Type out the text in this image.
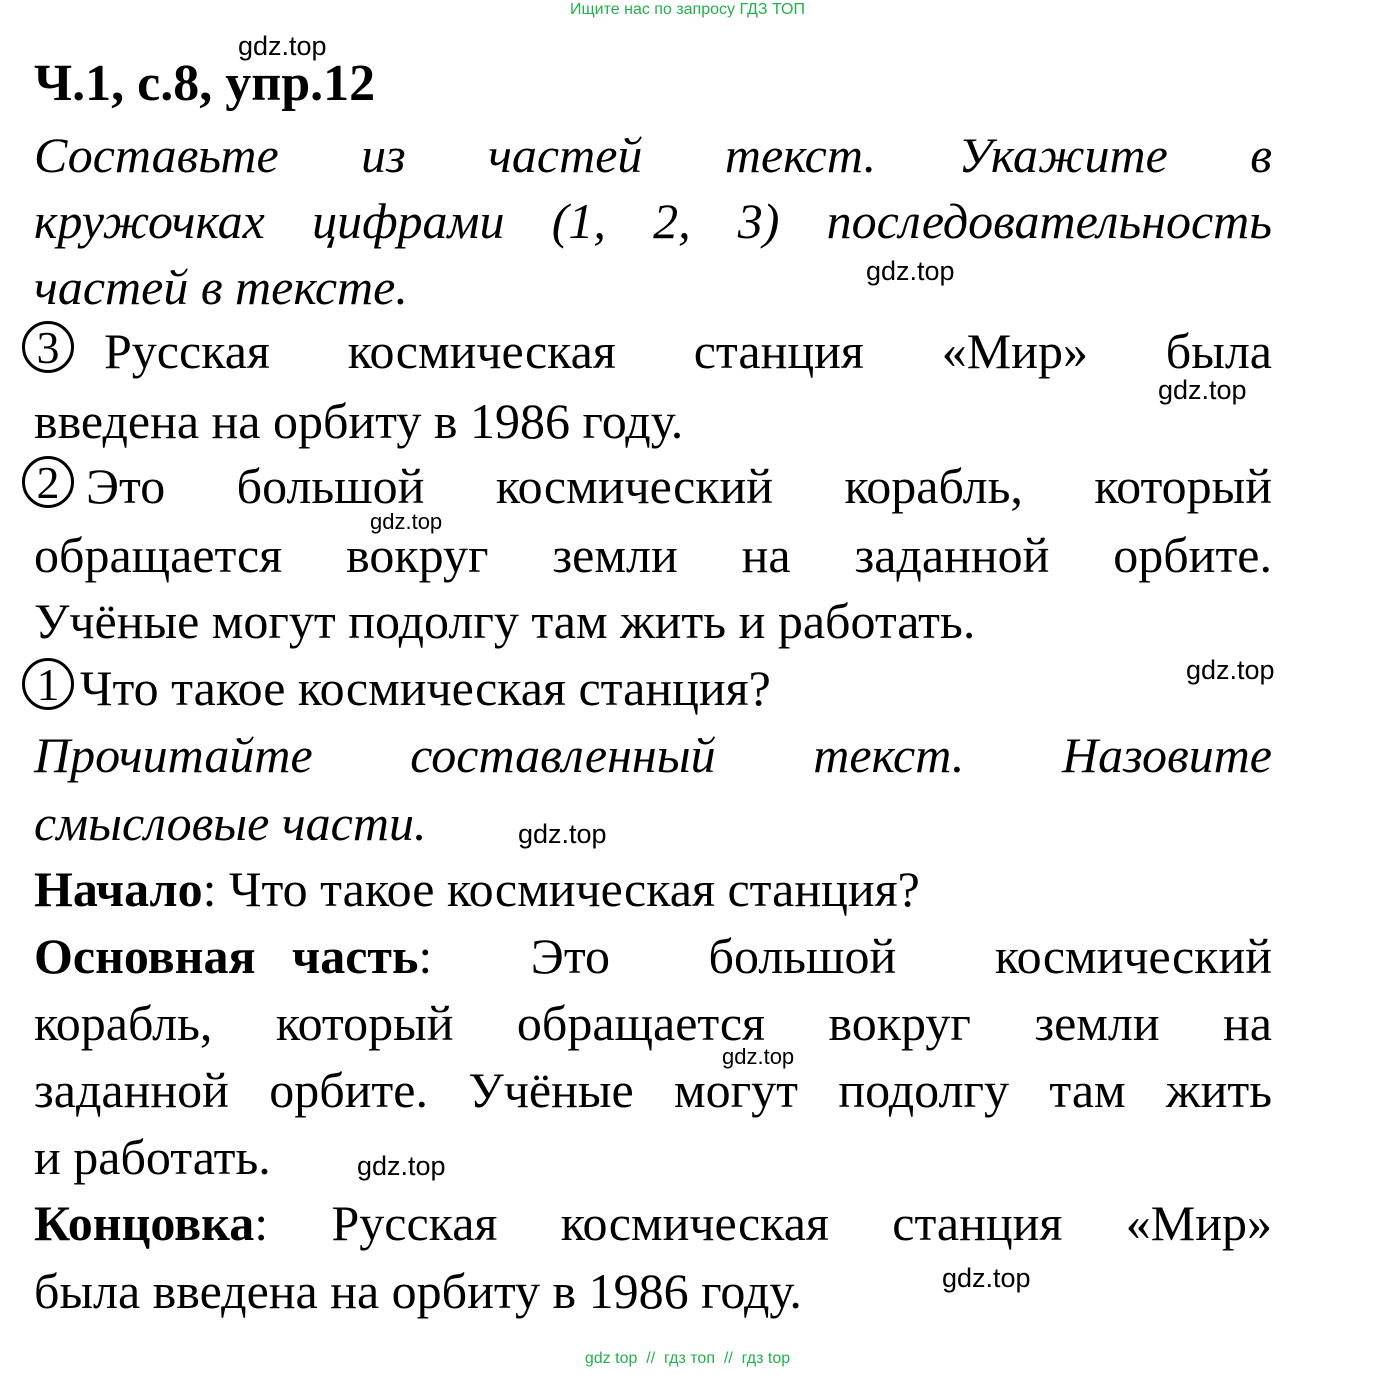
Ищите нас по запросу ГДЗ ТОП
Ч.1, с.8, упр.12
Составьте из частей текст. Укажите в
кружочках цифрами (1, 2, 3) последовательность
частей в тексте.
3 Русская космическая станция «Мир» была
введена на орбиту в 1986 году.
2 Это большой космический корабль, который
обращается вокруг земли на заданной орбите.
Учёные могут подолгу там жить и работать.
1 Что такое космическая станция?
Прочитайте составленный текст. Назовите
смысловые части.
Начало: Что такое космическая станция?
Основная часть : Это большой космический
корабль, который обращается вокруг земли на
заданной орбите. Учёные могут подолгу там жить
и работать.
Концовка : Русская космическая станция «Мир»
была введена на орбиту в 1986 году.
gdz.top
gdz.top
gdz.top
gdz.top
gdz.top
gdz.top
gdz.top
gdz.top
gdz.top
gdz top  //  гдз топ  //  гдз top
